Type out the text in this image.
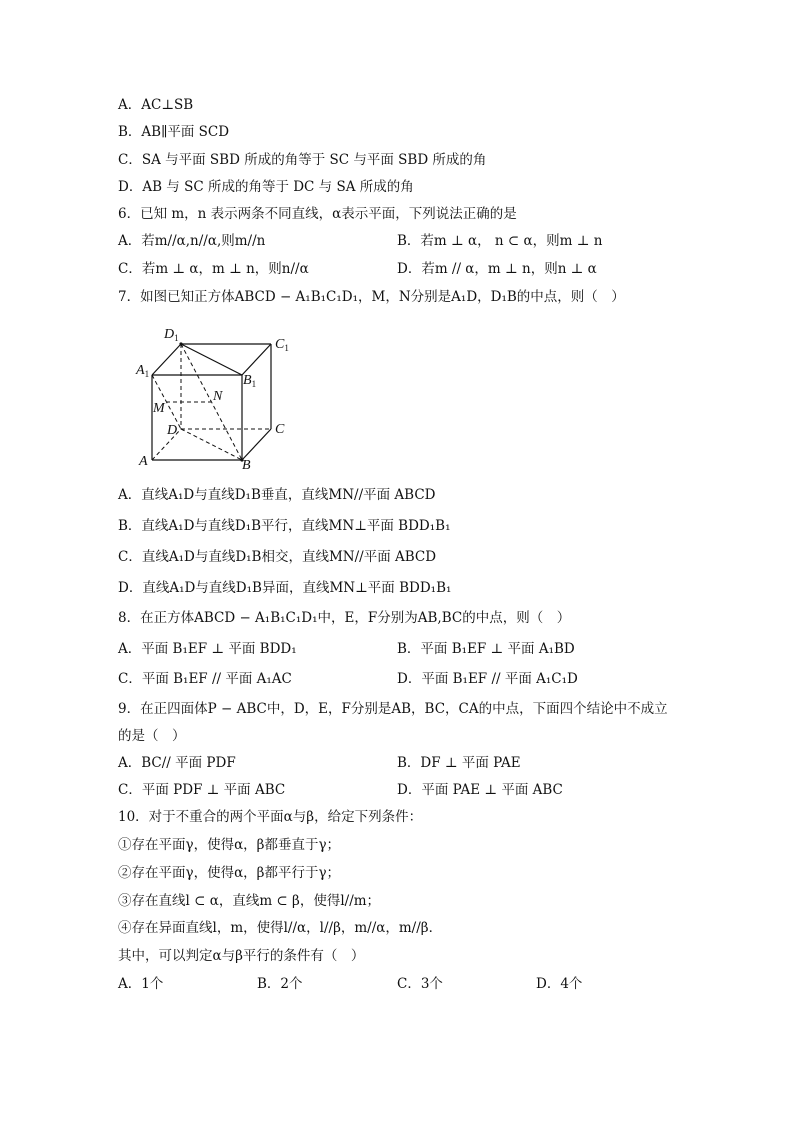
A．AC⊥SB
B．AB∥平面 SCD
C．SA 与平面 SBD 所成的角等于 SC 与平面 SBD 所成的角
D．AB 与 SC 所成的角等于 DC 与 SA 所成的角
6．已知 m，n 表示两条不同直线，α表示平面，下列说法正确的是
A．若m//α,n//α,则m//n	B．若m ⊥ α， n ⊂ α，则m ⊥ n
C．若m ⊥ α，m ⊥ n，则n//α	D．若m // α，m ⊥ n，则n ⊥ α
7．如图已知正方体ABCD − A₁B₁C₁D₁，M，N分别是A₁D，D₁B的中点，则（　）
$D_1$	$C_1$
$A_1$	$B_1$
M
N
D	C
A	B
A．直线A₁D与直线D₁B垂直，直线MN//平面 ABCD
B．直线A₁D与直线D₁B平行，直线MN⊥平面 BDD₁B₁
C．直线A₁D与直线D₁B相交，直线MN//平面 ABCD
D．直线A₁D与直线D₁B异面，直线MN⊥平面 BDD₁B₁
8．在正方体ABCD − A₁B₁C₁D₁中，E，F分别为AB,BC的中点，则（　）
A．平面 B₁EF ⊥ 平面 BDD₁	B．平面 B₁EF ⊥ 平面 A₁BD
C．平面 B₁EF // 平面 A₁AC	D．平面 B₁EF // 平面 A₁C₁D
9．在正四面体P − ABC中，D，E，F分别是AB，BC，CA的中点，下面四个结论中不成立
的是（　）
A．BC// 平面 PDF	B．DF ⊥ 平面 PAE
C．平面 PDF ⊥ 平面 ABC	D．平面 PAE ⊥ 平面 ABC
10．对于不重合的两个平面α与β，给定下列条件：
①存在平面γ，使得α，β都垂直于γ；
②存在平面γ，使得α，β都平行于γ；
③存在直线l ⊂ α，直线m ⊂ β，使得l//m；
④存在异面直线l，m，使得l//α，l//β，m//α，m//β．
其中，可以判定α与β平行的条件有（　）
A．1个	B．2个	C．3个	D．4个
